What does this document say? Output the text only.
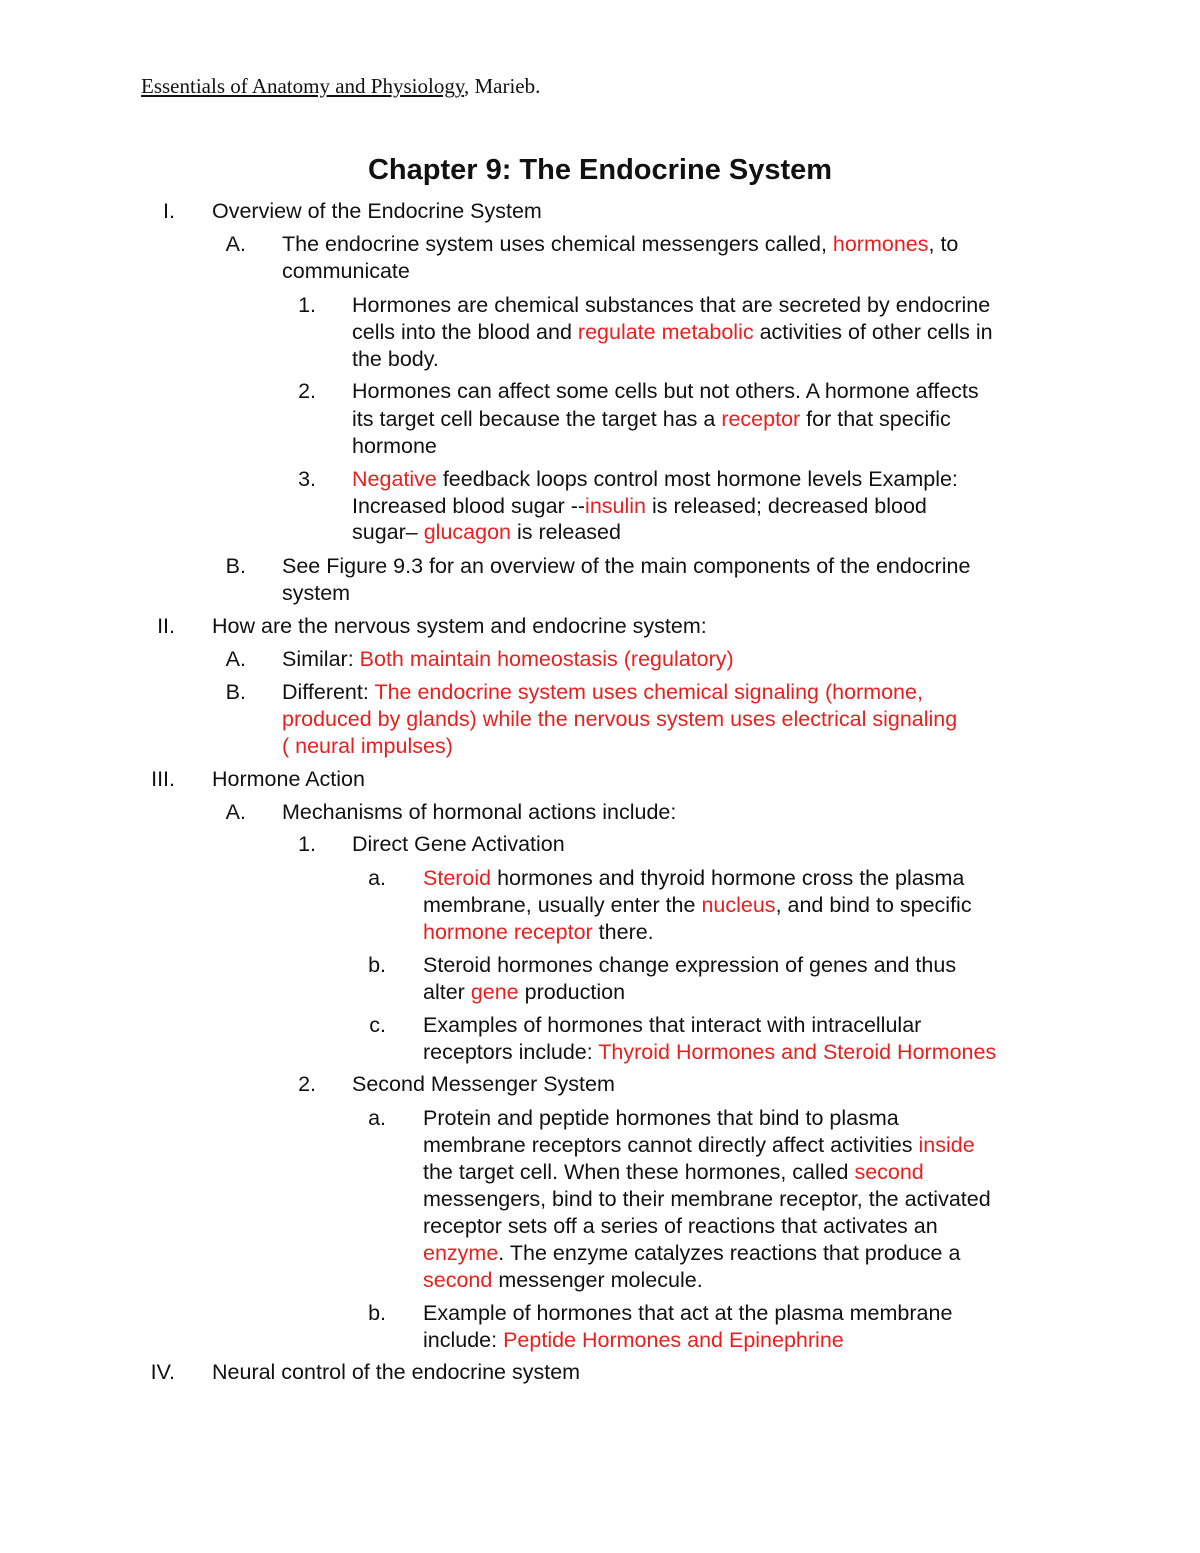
Essentials of Anatomy and Physiology, Marieb.
Chapter 9: The Endocrine System
I. Overview of the Endocrine System
A. The endocrine system uses chemical messengers called, hormones, to
communicate
1. Hormones are chemical substances that are secreted by endocrine
cells into the blood and regulate metabolic activities of other cells in
the body.
2. Hormones can affect some cells but not others. A hormone affects
its target cell because the target has a receptor for that specific
hormone
3. Negative feedback loops control most hormone levels Example:
Increased blood sugar --insulin is released; decreased blood
sugar– glucagon is released
B. See Figure 9.3 for an overview of the main components of the endocrine
system
II. How are the nervous system and endocrine system:
A. Similar: Both maintain homeostasis (regulatory)
B. Different: The endocrine system uses chemical signaling (hormone,
produced by glands) while the nervous system uses electrical signaling
( neural impulses)
III. Hormone Action
A. Mechanisms of hormonal actions include:
1. Direct Gene Activation
a. Steroid hormones and thyroid hormone cross the plasma
membrane, usually enter the nucleus, and bind to specific
hormone receptor there.
b. Steroid hormones change expression of genes and thus
alter gene production
c. Examples of hormones that interact with intracellular
receptors include: Thyroid Hormones and Steroid Hormones
2. Second Messenger System
a. Protein and peptide hormones that bind to plasma
membrane receptors cannot directly affect activities inside
the target cell. When these hormones, called second
messengers, bind to their membrane receptor, the activated
receptor sets off a series of reactions that activates an
enzyme. The enzyme catalyzes reactions that produce a
second messenger molecule.
b. Example of hormones that act at the plasma membrane
include: Peptide Hormones and Epinephrine
IV. Neural control of the endocrine system
